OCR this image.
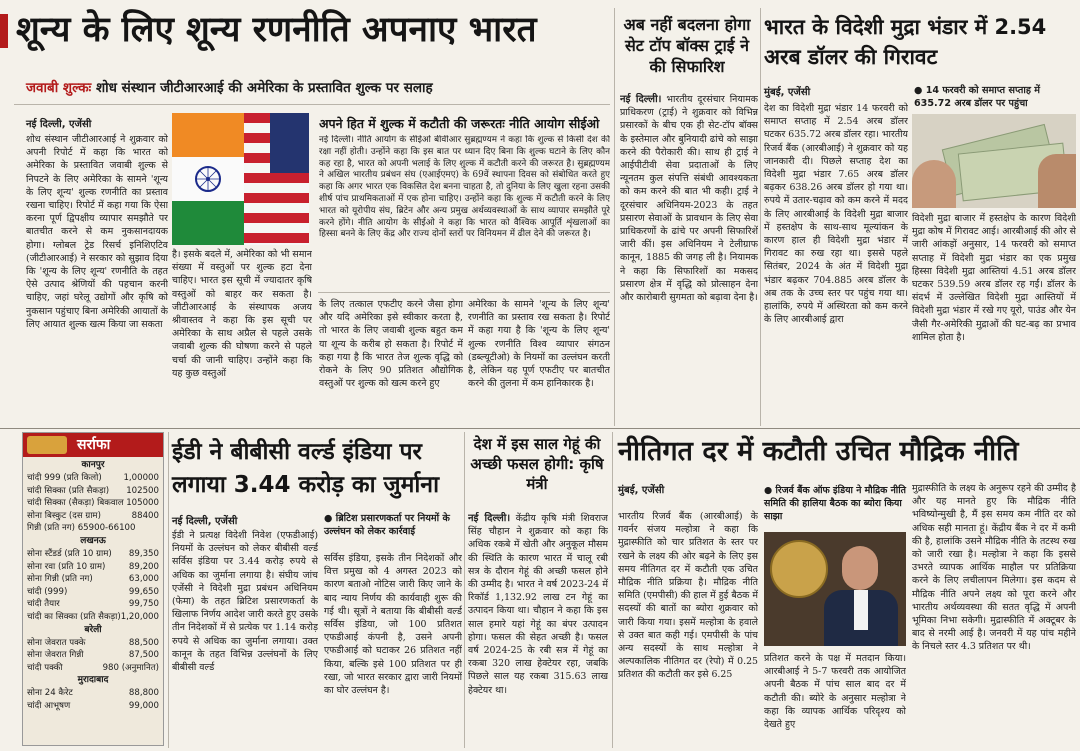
शून्य के लिए शून्य रणनीति अपनाए भारत
जवाबी शुल्कः शोध संस्थान जीटीआरआई की अमेरिका के प्रस्तावित शुल्क पर सलाह
नई दिल्ली, एजेंसी
शोध संस्थान जीटीआरआई ने शुक्रवार को अपनी रिपोर्ट में कहा कि भारत को अमेरिका के प्रस्तावित जवाबी शुल्क से निपटने के लिए अमेरिका के सामने 'शून्य के लिए शून्य' शुल्क रणनीति का प्रस्ताव रखना चाहिए। रिपोर्ट में कहा गया कि ऐसा करना पूर्ण द्विपक्षीय व्यापार समझौते पर बातचीत करने से कम नुकसानदायक होगा। ग्लोबल ट्रेड रिसर्च इनिशिएटिव (जीटीआरआई) ने सरकार को सुझाव दिया कि 'शून्य के लिए शून्य' रणनीति के तहत ऐसे उत्पाद श्रेणियों की पहचान करनी चाहिए, जहां घरेलू उद्योगों और कृषि को नुकसान पहुंचाए बिना अमेरिकी आयातों के लिए आयात शुल्क खत्म किया जा सकता
है। इसके बदले में, अमेरिका को भी समान संख्या में वस्तुओं पर शुल्क हटा देना चाहिए। भारत इस सूची में ज्यादातर कृषि वस्तुओं को बाहर कर सकता है। जीटीआरआई के संस्थापक अजय श्रीवास्तव ने कहा कि इस सूची पर अमेरिका के साथ अप्रैल से पहले उसके जवाबी शुल्क की घोषणा करने से पहले चर्चा की जानी चाहिए। उन्होंने कहा कि यह कुछ वस्तुओं
अपने हित में शुल्क में कटौती की जरूरतः नीति आयोग सीईओ
नई दिल्ली। नीति आयोग के सीईओ बीवीआर सुब्रह्मण्यम ने कहा कि शुल्क से किसी देश की रक्षा नहीं होती। उन्होंने कहा कि इस बात पर ध्यान दिए बिना कि शुल्क घटाने के लिए कौन कह रहा है, भारत को अपनी भलाई के लिए शुल्क में कटौती करने की जरूरत है। सुब्रह्मण्यम ने अखिल भारतीय प्रबंधन संघ (एआईएमए) के 69वें स्थापना दिवस को संबोधित करते हुए कहा कि अगर भारत एक विकसित देश बनना चाहता है, तो दुनिया के लिए खुला रहना उसकी शीर्ष पांच प्राथमिकताओं में एक होना चाहिए। उन्होंने कहा कि शुल्क में कटौती करने के लिए भारत को यूरोपीय संघ, ब्रिटेन और अन्य प्रमुख अर्थव्यवस्थाओं के साथ व्यापार समझौते पूरे करने होंगे। नीति आयोग के सीईओ ने कहा कि भारत को वैश्विक आपूर्ति शृंखलाओं का हिस्सा बनने के लिए केंद्र और राज्य दोनों स्तरों पर विनियमन में ढील देने की जरूरत है।
के लिए तत्काल एफटीए करने जैसा होगा और यदि अमेरिका इसे स्वीकार करता है, तो भारत के लिए जवाबी शुल्क बहुत कम या शून्य के करीब हो सकता है। रिपोर्ट में कहा गया है कि भारत तेज शुल्क वृद्धि को रोकने के लिए 90 प्रतिशत औद्योगिक वस्तुओं पर शुल्क को खत्म करने हुए
अमेरिका के सामने 'शून्य के लिए शून्य' रणनीति का प्रस्ताव रख सकता है। रिपोर्ट में कहा गया है कि 'शून्य के लिए शून्य' शुल्क रणनीति विश्व व्यापार संगठन (डब्ल्यूटीओ) के नियमों का उल्लंघन करती है, लेकिन यह पूर्ण एफटीए पर बातचीत करने की तुलना में कम हानिकारक है।
अब नहीं बदलना होगा सेट टॉप बॉक्स ट्राई ने की सिफारिश
नई दिल्ली। भारतीय दूरसंचार नियामक प्राधिकरण (ट्राई) ने शुक्रवार को विभिन्न प्रसारकों के बीच एक ही सेट-टॉप बॉक्स के इस्तेमाल और बुनियादी ढांचे को साझा करने की पैरोकारी की। साथ ही ट्राई ने आईपीटीवी सेवा प्रदाताओं के लिए न्यूनतम कुल संपत्ति संबंधी आवश्यकता को कम करने की बात भी कही। ट्राई ने दूरसंचार अधिनियम-2023 के तहत प्रसारण सेवाओं के प्रावधान के लिए सेवा प्राधिकरणों के ढांचे पर अपनी सिफारिशें जारी कीं। इस अधिनियम ने टेलीग्राफ कानून, 1885 की जगह ली है। नियामक ने कहा कि सिफारिशों का मकसद प्रसारण क्षेत्र में वृद्धि को प्रोत्साहन देना और कारोबारी सुगमता को बढ़ावा देना है।
भारत के विदेशी मुद्रा भंडार में 2.54 अरब डॉलर की गिरावट
मुंबई, एजेंसी
देश का विदेशी मुद्रा भंडार 14 फरवरी को समाप्त सप्ताह में 2.54 अरब डॉलर घटकर 635.72 अरब डॉलर रहा। भारतीय रिजर्व बैंक (आरबीआई) ने शुक्रवार को यह जानकारी दी। पिछले सप्ताह देश का विदेशी मुद्रा भंडार 7.65 अरब डॉलर बढ़कर 638.26 अरब डॉलर हो गया था। रुपये में उतार-चढ़ाव को कम करने में मदद के लिए आरबीआई के विदेशी मुद्रा बाजार में हस्तक्षेप के साथ-साथ मूल्यांकन के कारण हाल ही विदेशी मुद्रा भंडार में गिरावट का रुख रहा था। इससे पहले सितंबर, 2024 के अंत में विदेशी मुद्रा भंडार बढ़कर 704.885 अरब डॉलर के अब तक के उच्च स्तर पर पहुंच गया था। हालांकि, रुपये में अस्थिरता को कम करने के लिए आरबीआई द्वारा
● 14 फरवरी को समाप्त सप्ताह में 635.72 अरब डॉलर पर पहुंचा
विदेशी मुद्रा बाजार में हस्तक्षेप के कारण विदेशी मुद्रा कोष में गिरावट आई। आरबीआई की ओर से जारी आंकड़ों अनुसार, 14 फरवरी को समाप्त सप्ताह में विदेशी मुद्रा भंडार का एक प्रमुख हिस्सा विदेशी मुद्रा आस्तियां 4.51 अरब डॉलर घटकर 539.59 अरब डॉलर रह गईं। डॉलर के संदर्भ में उल्लेखित विदेशी मुद्रा आस्तियों में विदेशी मुद्रा भंडार में रखे गए यूरो, पाउंड और येन जैसी गैर-अमेरिकी मुद्राओं की घट-बढ़ का प्रभाव शामिल होता है।
सर्राफा
कानपुर
चांदी 999 (प्रति किलो)	1,00000
चांदी सिक्का (प्रति सैकड़ा) 102500
चांदी सिक्का (सैकड़ा) बिकवाल 105000
सोना बिस्कुट (दस ग्राम)	88400
गिन्नी (प्रति नग) 65900-66100
लखनऊ
सोना स्टैंडर्ड (प्रति 10 ग्राम) 89,350
सोना रवा (प्रति 10 ग्राम)	89,200
सोना गिन्नी (प्रति नग)	63,000
चांदी (999)	99,650
चांदी तैयार	99,750
चांदी का सिक्का (प्रति सैकड़ा) 1,20,000
बरेली
सोना जेवरात पक्के	88,500
सोना जेवरात गिन्नी	87,500
चांदी पक्की	980 (अनुमानित)
मुरादाबाद
सोना 24 कैरेट	88,800
चांदी आभूषण	99,000
ईडी ने बीबीसी वर्ल्ड इंडिया पर लगाया 3.44 करोड़ का जुर्माना
नई दिल्ली, एजेंसी
ईडी ने प्रत्यक्ष विदेशी निवेश (एफडीआई) नियमों के उल्लंघन को लेकर बीबीसी वर्ल्ड सर्विस इंडिया पर 3.44 करोड़ रुपये से अधिक का जुर्माना लगाया है। संघीय जांच एजेंसी ने विदेशी मुद्रा प्रबंधन अधिनियम (फेमा) के तहत ब्रिटिश प्रसारणकर्ता के खिलाफ निर्णय आदेश जारी करते हुए उसके तीन निदेशकों में से प्रत्येक पर 1.14 करोड़ रुपये से अधिक का जुर्माना लगाया। उक्त कानून के तहत विभिन्न उल्लंघनों के लिए बीबीसी वर्ल्ड
● ब्रिटिश प्रसारणकर्ता पर नियमों के उल्लंघन को लेकर कार्रवाई
सर्विस इंडिया, इसके तीन निदेशकों और वित्त प्रमुख को 4 अगस्त 2023 को कारण बताओ नोटिस जारी किए जाने के बाद न्याय निर्णय की कार्यवाही शुरू की गई थी। सूत्रों ने बताया कि बीबीसी वर्ल्ड सर्विस इंडिया, जो 100 प्रतिशत एफडीआई कंपनी है, उसने अपनी एफडीआई को घटाकर 26 प्रतिशत नहीं किया, बल्कि इसे 100 प्रतिशत पर ही रखा, जो भारत सरकार द्वारा जारी नियमों का घोर उल्लंघन है।
देश में इस साल गेहूं की अच्छी फसल होगी: कृषि मंत्री
नई दिल्ली। केंद्रीय कृषि मंत्री शिवराज सिंह चौहान ने शुक्रवार को कहा कि अधिक रकबे में खेती और अनुकूल मौसम की स्थिति के कारण भारत में चालू रबी सत्र के दौरान गेहूं की अच्छी फसल होने की उम्मीद है। भारत ने वर्ष 2023-24 में रिकॉर्ड 1,132.92 लाख टन गेहूं का उत्पादन किया था। चौहान ने कहा कि इस साल हमारे यहां गेहूं का बंपर उत्पादन होगा। फसल की सेहत अच्छी है। फसल वर्ष 2024-25 के रबी सत्र में गेहूं का रकबा 320 लाख हेक्टेयर रहा, जबकि पिछले साल यह रकबा 315.63 लाख हेक्टेयर था।
नीतिगत दर में कटौती उचित मौद्रिक नीति
मुंबई, एजेंसी
भारतीय रिजर्व बैंक (आरबीआई) के गवर्नर संजय मल्होत्रा ने कहा कि मुद्रास्फीति को चार प्रतिशत के स्तर पर रखने के लक्ष्य की ओर बढ़ने के लिए इस समय नीतिगत दर में कटौती एक उचित मौद्रिक नीति प्रक्रिया है। मौद्रिक नीति समिति (एमपीसी) की हाल में हुई बैठक में सदस्यों की बातों का ब्योरा शुक्रवार को जारी किया गया। इसमें मल्होत्रा के हवाले से उक्त बात कही गई। एमपीसी के पांच अन्य सदस्यों के साथ मल्होत्रा ने अल्पकालिक नीतिगत दर (रेपो) में 0.25 प्रतिशत की कटौती कर इसे 6.25
● रिजर्व बैंक ऑफ इंडिया ने मौद्रिक नीति समिति की हालिया बैठक का ब्योरा किया साझा
प्रतिशत करने के पक्ष में मतदान किया। आरबीआई ने 5-7 फरवरी तक आयोजित अपनी बैठक में पांच साल बाद दर में कटौती की। ब्योरे के अनुसार मल्होत्रा ने कहा कि व्यापक आर्थिक परिदृश्य को देखते हुए
मुद्रास्फीति के लक्ष्य के अनुरूप रहने की उम्मीद है और यह मानते हुए कि मौद्रिक नीति भविष्योन्मुखी है, मैं इस समय कम नीति दर को अधिक सही मानता हूं। केंद्रीय बैंक ने दर में कमी की है, हालांकि उसने मौद्रिक नीति के तटस्थ रुख को जारी रखा है। मल्होत्रा ने कहा कि इससे उभरते व्यापक आर्थिक माहौल पर प्रतिक्रिया करने के लिए लचीलापन मिलेगा। इस कदम से मौद्रिक नीति अपने लक्ष्य को पूरा करने और भारतीय अर्थव्यवस्था की सतत वृद्धि में अपनी भूमिका निभा सकेगी। मुद्रास्फीति में अक्टूबर के बाद से नरमी आई है। जनवरी में यह पांच महीने के निचले स्तर 4.3 प्रतिशत पर थी।
